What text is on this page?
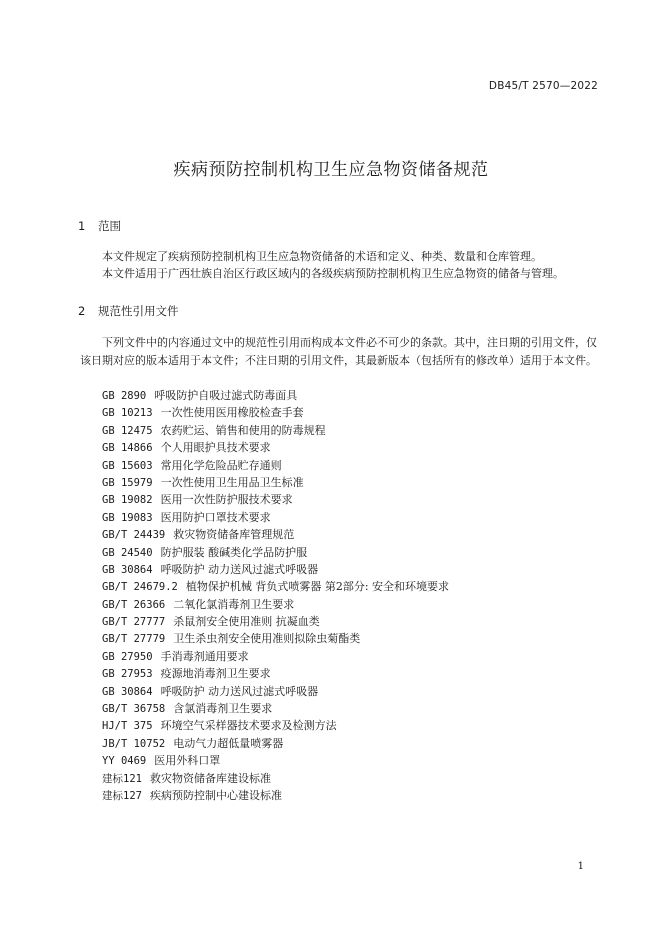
DB45/T 2570—2022
疾病预防控制机构卫生应急物资储备规范
1 范围
本文件规定了疾病预防控制机构卫生应急物资储备的术语和定义、种类、数量和仓库管理。
本文件适用于广西壮族自治区行政区域内的各级疾病预防控制机构卫生应急物资的储备与管理。
2 规范性引用文件
下列文件中的内容通过文中的规范性引用而构成本文件必不可少的条款。其中，注日期的引用文件，仅该日期对应的版本适用于本文件；不注日期的引用文件，其最新版本（包括所有的修改单）适用于本文件。
GB 2890 呼吸防护自吸过滤式防毒面具
GB 10213 一次性使用医用橡胶检查手套
GB 12475 农药贮运、销售和使用的防毒规程
GB 14866 个人用眼护具技术要求
GB 15603 常用化学危险品贮存通则
GB 15979 一次性使用卫生用品卫生标准
GB 19082 医用一次性防护服技术要求
GB 19083 医用防护口罩技术要求
GB/T 24439 救灾物资储备库管理规范
GB 24540 防护服装 酸碱类化学品防护服
GB 30864 呼吸防护 动力送风过滤式呼吸器
GB/T 24679.2 植物保护机械 背负式喷雾器 第2部分: 安全和环境要求
GB/T 26366 二氧化氯消毒剂卫生要求
GB/T 27777 杀鼠剂安全使用准则 抗凝血类
GB/T 27779 卫生杀虫剂安全使用准则拟除虫菊酯类
GB 27950 手消毒剂通用要求
GB 27953 疫源地消毒剂卫生要求
GB 30864 呼吸防护 动力送风过滤式呼吸器
GB/T 36758 含氯消毒剂卫生要求
HJ/T 375 环境空气采样器技术要求及检测方法
JB/T 10752 电动气力超低量喷雾器
YY 0469 医用外科口罩
建标121 救灾物资储备库建设标准
建标127 疾病预防控制中心建设标准
1
